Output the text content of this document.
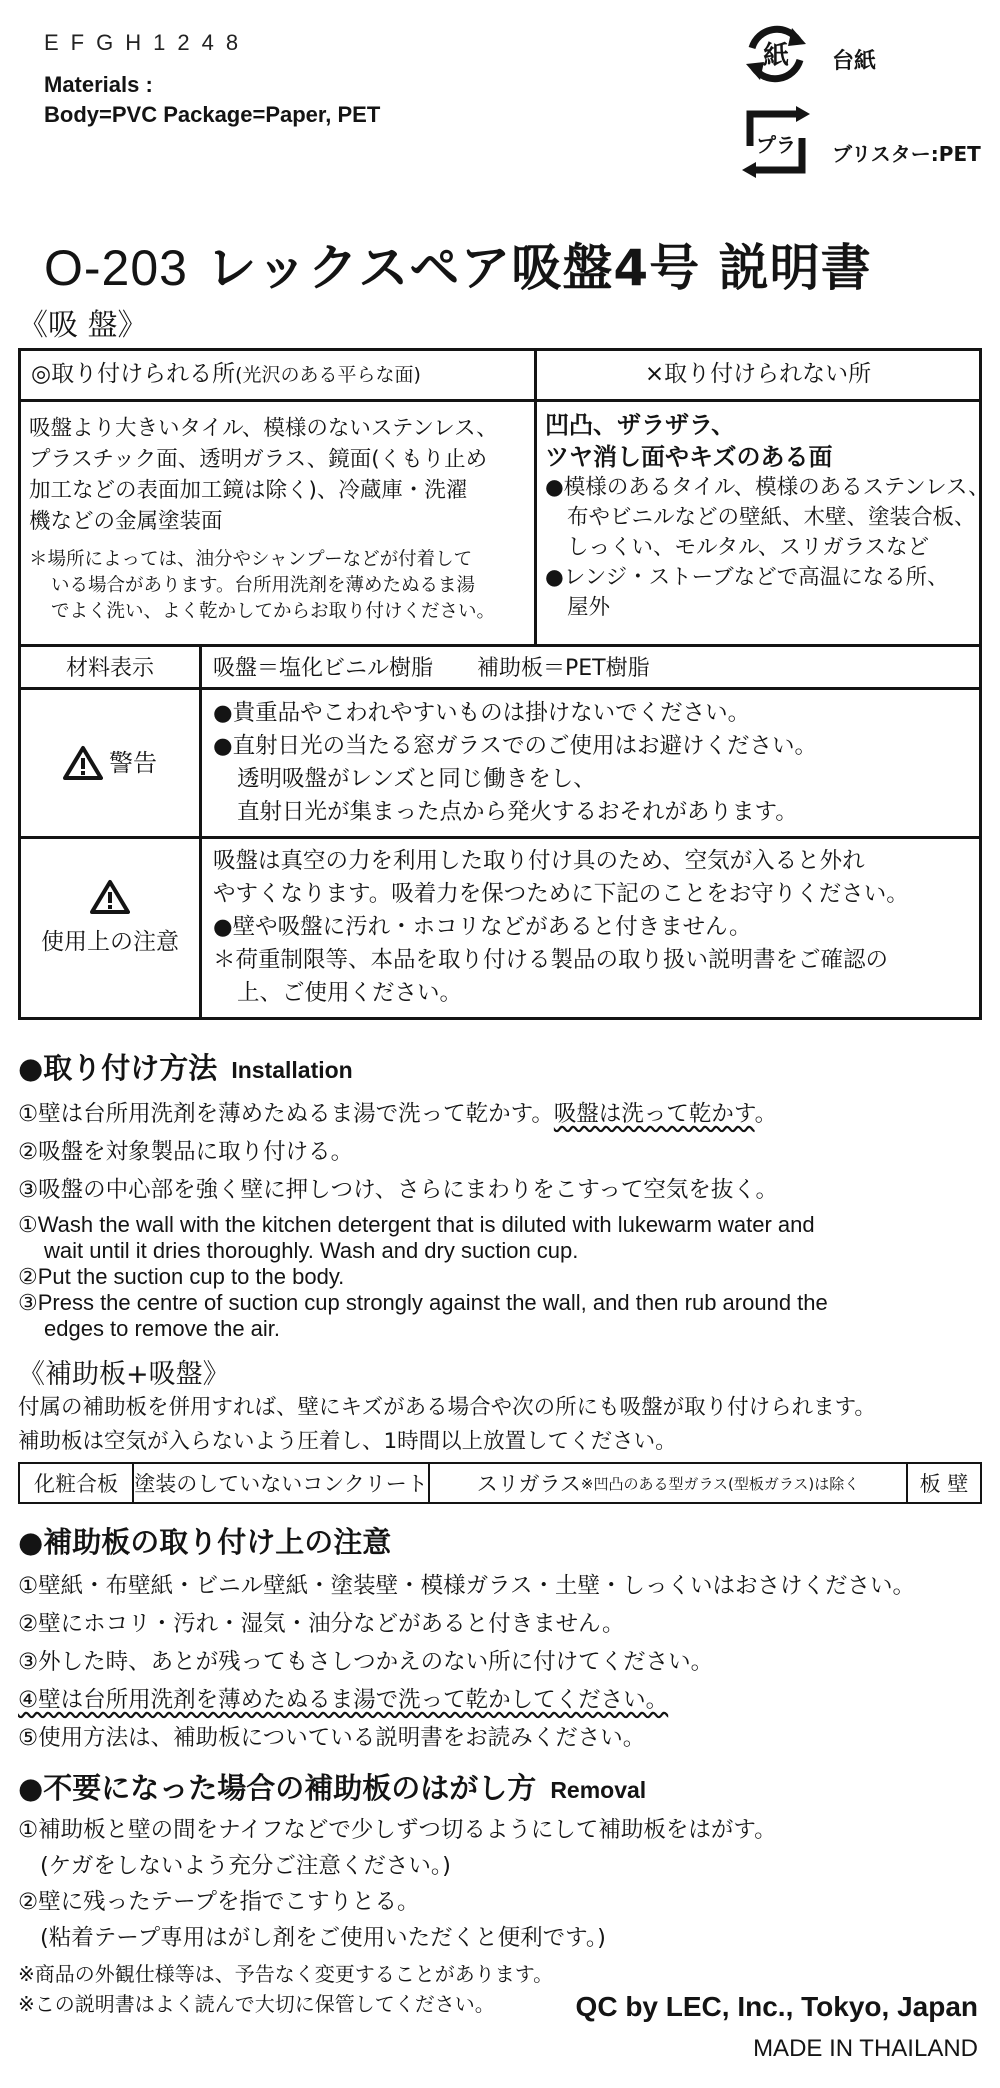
EFGH1248
Materials :
Body=PVC Package=Paper, PET
紙 台紙
プラ ブリスター:PET
O-203 レックスペア吸盤4号 説明書
《吸 盤》
◎取り付けられる所(光沢のある平らな面)	×取り付けられない所
吸盤より大きいタイル、模様のないステンレス、
プラスチック面、透明ガラス、鏡面(くもり止め
加工などの表面加工鏡は除く)、冷蔵庫・洗濯
機などの金属塗装面
＊場所によっては、油分やシャンプーなどが付着して
いる場合があります。台所用洗剤を薄めたぬるま湯
でよく洗い、よく乾かしてからお取り付けください。
凹凸、ザラザラ、
ツヤ消し面やキズのある面
●模様のあるタイル、模様のあるステンレス、
布やビニルなどの壁紙、木壁、塗装合板、
しっくい、モルタル、スリガラスなど
●レンジ・ストーブなどで高温になる所、
屋外
材料表示	吸盤＝塩化ビニル樹脂　　補助板＝PET樹脂
警告
●貴重品やこわれやすいものは掛けないでください。
●直射日光の当たる窓ガラスでのご使用はお避けください。
透明吸盤がレンズと同じ働きをし、
直射日光が集まった点から発火するおそれがあります。
使用上の注意
吸盤は真空の力を利用した取り付け具のため、空気が入ると外れ
やすくなります。吸着力を保つために下記のことをお守りください。
●壁や吸盤に汚れ・ホコリなどがあると付きません。
＊荷重制限等、本品を取り付ける製品の取り扱い説明書をご確認の
上、ご使用ください。
●取り付け方法 Installation
①壁は台所用洗剤を薄めたぬるま湯で洗って乾かす。吸盤は洗って乾かす。
②吸盤を対象製品に取り付ける。
③吸盤の中心部を強く壁に押しつけ、さらにまわりをこすって空気を抜く。
①Wash the wall with the kitchen detergent that is diluted with lukewarm water and
wait until it dries thoroughly. Wash and dry suction cup.
②Put the suction cup to the body.
③Press the centre of suction cup strongly against the wall, and then rub around the
edges to remove the air.
《補助板+吸盤》
付属の補助板を併用すれば、壁にキズがある場合や次の所にも吸盤が取り付けられます。
補助板は空気が入らないよう圧着し、1時間以上放置してください。
化粧合板 塗装のしていないコンクリート スリガラス ※凹凸のある型ガラス(型板ガラス)は除く	板 壁
●補助板の取り付け上の注意
①壁紙・布壁紙・ビニル壁紙・塗装壁・模様ガラス・土壁・しっくいはおさけください。
②壁にホコリ・汚れ・湿気・油分などがあると付きません。
③外した時、あとが残ってもさしつかえのない所に付けてください。
④壁は台所用洗剤を薄めたぬるま湯で洗って乾かしてください。
⑤使用方法は、補助板についている説明書をお読みください。
●不要になった場合の補助板のはがし方 Removal
①補助板と壁の間をナイフなどで少しずつ切るようにして補助板をはがす。
(ケガをしないよう充分ご注意ください。)
②壁に残ったテープを指でこすりとる。
(粘着テープ専用はがし剤をご使用いただくと便利です。)
※商品の外観仕様等は、予告なく変更することがあります。
※この説明書はよく読んで大切に保管してください。	QC by LEC, Inc., Tokyo, Japan
MADE IN THAILAND
